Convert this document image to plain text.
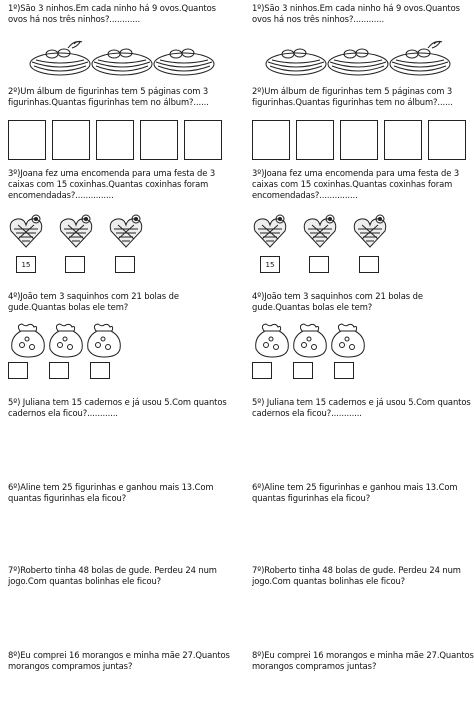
1º)São 3 ninhos.Em cada ninho há 9 ovos.Quantos ovos há nos três ninhos?............
2º)Um álbum de figurinhas tem 5 páginas com 3 figurinhas.Quantas figurinhas tem no álbum?......
3º)Joana fez uma encomenda para uma festa de 3 caixas com 15 coxinhas.Quantas coxinhas foram encomendadas?...............
15
4º)João tem 3 saquinhos com 21 bolas de gude.Quantas bolas ele tem?
5º) Juliana tem 15 cadernos e já usou 5.Com quantos cadernos ela ficou?............
6º)Aline tem 25 figurinhas e ganhou mais 13.Com quantas figurinhas ela ficou?
7º)Roberto tinha 48 bolas de gude. Perdeu 24 num jogo.Com quantas bolinhas ele ficou?
8º)Eu comprei 16 morangos e minha mãe 27.Quantos morangos compramos juntas?
1º)São 3 ninhos.Em cada ninho há 9 ovos.Quantos ovos há nos três ninhos?............
2º)Um álbum de figurinhas tem 5 páginas com 3 figurinhas.Quantas figurinhas tem no álbum?......
3º)Joana fez uma encomenda para uma festa de 3 caixas com 15 coxinhas.Quantas coxinhas foram encomendadas?...............
15
4º)João tem 3 saquinhos com 21 bolas de gude.Quantas bolas ele tem?
5º) Juliana tem 15 cadernos e já usou 5.Com quantos cadernos ela ficou?............
6º)Aline tem 25 figurinhas e ganhou mais 13.Com quantas figurinhas ela ficou?
7º)Roberto tinha 48 bolas de gude. Perdeu 24 num jogo.Com quantas bolinhas ele ficou?
8º)Eu comprei 16 morangos e minha mãe 27.Quantos morangos compramos juntas?
